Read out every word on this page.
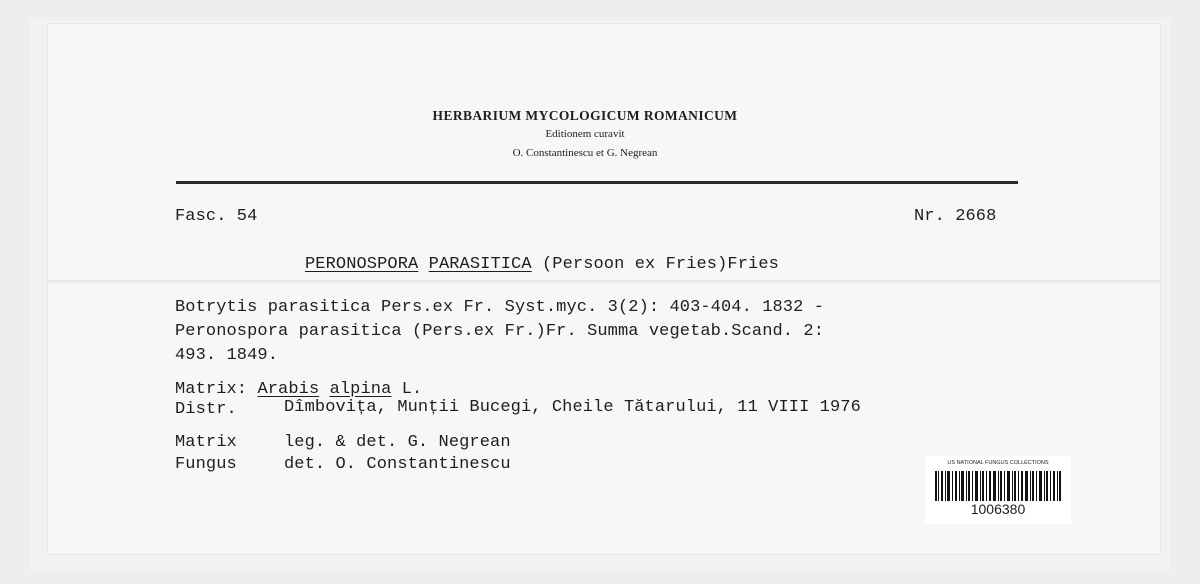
HERBARIUM MYCOLOGICUM ROMANICUM
Editionem curavit
O. Constantinescu et G. Negrean
Fasc. 54	Nr. 2668
PERONOSPORA PARASITICA (Persoon ex Fries)Fries
Botrytis parasitica Pers.ex Fr. Syst.myc. 3(2): 403-404. 1832 -
Peronospora parasitica (Pers.ex Fr.)Fr. Summa vegetab.Scand. 2:
493. 1849.
Matrix: Arabis alpina L.
Distr.	Dîmbovița, Munții Bucegi, Cheile Tătarului, 11 VIII 1976
Matrix	leg. & det. G. Negrean
Fungus	det. O. Constantinescu	US NATIONAL FUNGUS COLLECTIONS
1006380
